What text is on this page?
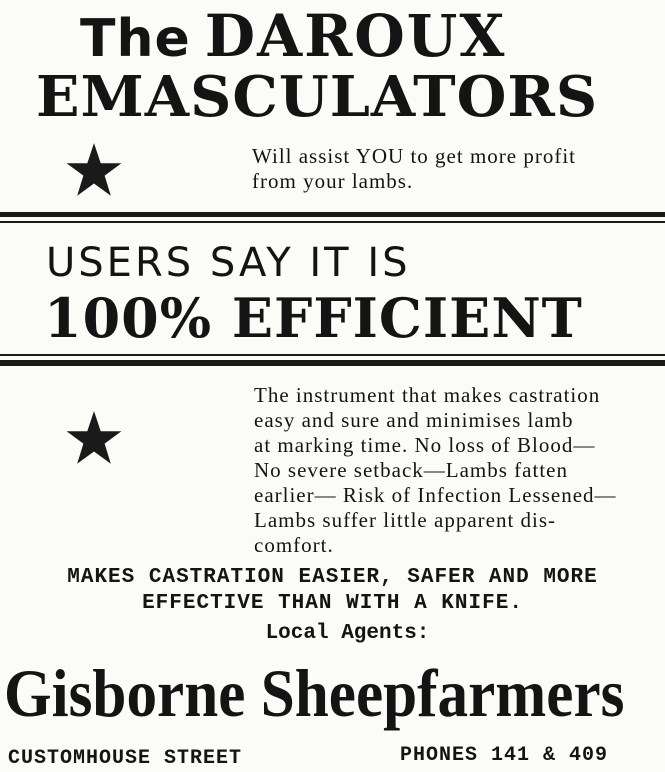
The DAROUX
EMASCULATORS
Will assist YOU to get more profit
from your lambs.
USERS SAY IT IS
100% EFFICIENT
The instrument that makes castration
easy and sure and minimises lamb
at marking time. No loss of Blood—
No severe setback—Lambs fatten
earlier— Risk of Infection Lessened—
Lambs suffer little apparent dis-
comfort.
MAKES CASTRATION EASIER, SAFER AND MORE
EFFECTIVE THAN WITH A KNIFE.
Local Agents:
Gisborne Sheepfarmers
CUSTOMHOUSE STREET	PHONES 141 & 409
